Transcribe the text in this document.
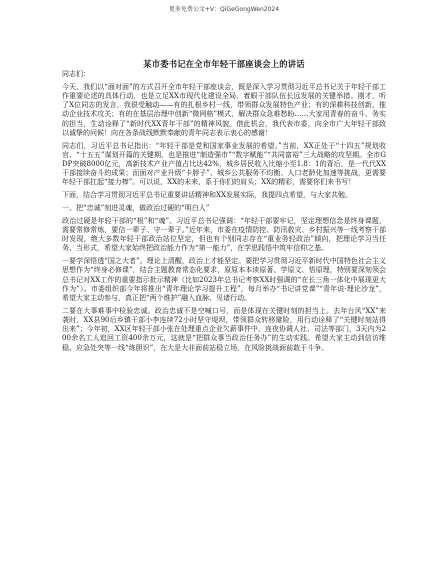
更多免费公文+V：QiGeGongWen2024
某市委书记在全市年轻干部座谈会上的讲话

同志们：

今天，我们以“面对面”的方式召开全市年轻干部座谈会，既是深入学习贯彻习近平总书记关于年轻干部工作重要论述的具体行动，也是立足XX市现代化建设全局、着眼干部队伍长远发展的关键举措。刚才，听了X位同志的发言，我很受触动——有的扎根乡村一线，带领群众发展特色产业；有的深耕科技创新，推动企业技术攻关；有的在基层治理中创新“微网格”模式，解决群众急难愁盼……大家用青春的奋斗、务实的担当，生动诠释了“新时代XX青年干部”的精神风貌。借此机会，我代表市委，向全市广大年轻干部致以诚挚的问候！向在各条战线默默奉献的青年同志表示衷心的感谢！

同志们，习近平总书记指出：“年轻干部是党和国家事业发展的希望。”当前，XX正处于“十四五”规划收官、“十五五”谋划开篇的关键期，也是推进“制造强市”“数字赋能”“共同富裕”三大战略的攻坚期。全市GDP突破8000亿元，高新技术产业产值占比达42%，城乡居民收入比缩小至1.8：1的背后，是一代代XX干部接续奋斗的成果；而面对产业升级“卡脖子”、城乡公共服务不均衡、人口老龄化加速等挑战，更需要年轻干部扛起“接力棒”。可以说，XX的未来，系于你们的肩头；XX的精彩，需要你们来书写！

下面，结合学习贯彻习近平总书记重要讲话精神和XX发展实际，我提四点希望，与大家共勉。

一、把“忠诚”刻进灵魂，做政治过硬的“明白人”

政治过硬是年轻干部的“根”和“魂”。习近平总书记强调：“年轻干部要牢记，坚定理想信念是终身课题，需要常修常炼，要信一辈子、守一辈子。”近年来，市委在疫情防控、防汛救灾、乡村振兴等一线考察干部时发现，绝大多数年轻干部政治站位坚定，但也有个别同志存在“重业务轻政治”倾向，把理论学习当任务、当形式，希望大家始终把政治能力作为“第一能力”，在学思践悟中筑牢信仰之基。

一要学深悟透“国之大者”。理论上清醒，政治上才能坚定。要把学习贯彻习近平新时代中国特色社会主义思想作为“终身必修课”，结合主题教育常态化要求，原原本本读原著、学原文、悟原理，特别要深刻领会总书记对XX工作的重要指示批示精神（比如2023年总书记考察XX时强调的“在长三角一体化中展现更大作为”）。市委组织部今年将推出“青年理论学习提升工程”，每月举办“书记讲党课”“青年说·理论沙龙”，希望大家主动参与，真正把“两个维护”融入血脉、见诸行动。

二要在大事难事中检验忠诚。政治忠诚不是空喊口号，而是体现在关键时刻的担当上。去年台风“XX”来袭时，XX县90后乡镇干部小李连续72小时坚守堤坝，带领群众转移避险，用行动诠释了“关键时刻站得出来”；今年初，XX区年轻干部小张在处理重点企业欠薪事件中，连夜协调人社、司法等部门，3天内为200余名工人追回工资400余万元，这就是“把群众事当政治任务办”的生动实践。希望大家主动到信访维稳、应急处突等一线“练胆识”，在大是大非面前站稳立场，在风险挑战面前敢于斗争。
